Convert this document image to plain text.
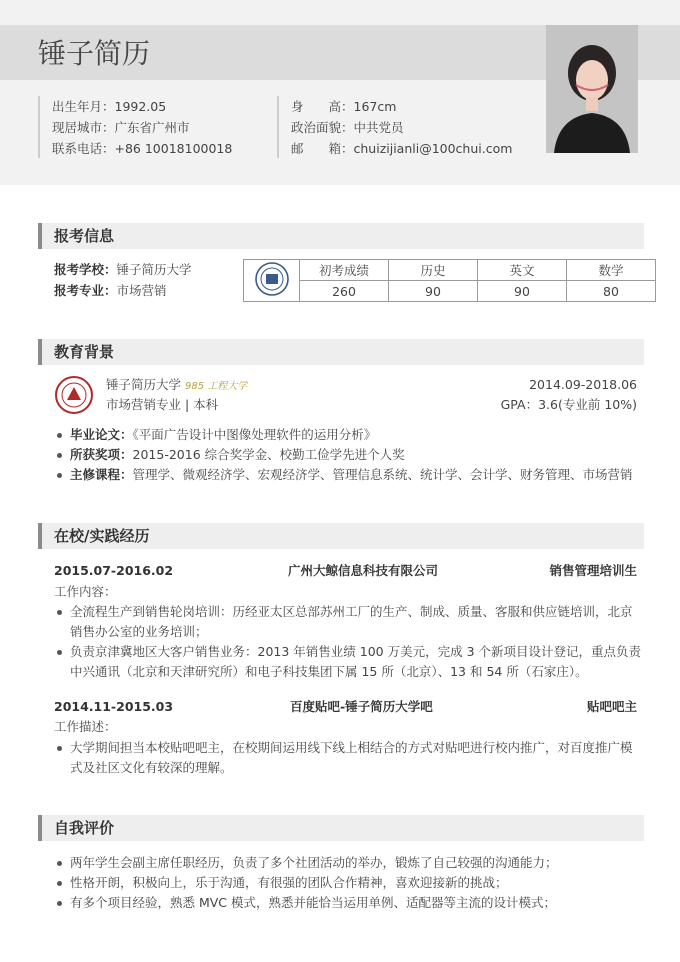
锤子简历
出生年月：1992.05
现居城市：广东省广州市
联系电话：+86 10018100018
身　　高：167cm
政治面貌：中共党员
邮　　箱：chuizijianli@100chui.com
报考信息
报考学校：锤子简历大学
报考专业：市场营销
	初考成绩	历史	英文	数学
	260	90	90	80
教育背景
锤子简历大学 985 工程大学
市场营销专业 | 本科
2014.09-2018.06
GPA：3.6(专业前 10%)
毕业论文：《平面广告设计中图像处理软件的运用分析》
所获奖项：2015-2016 综合奖学金、校勤工俭学先进个人奖
主修课程：管理学、微观经济学、宏观经济学、管理信息系统、统计学、会计学、财务管理、市场营销
在校/实践经历
2015.07-2016.02	广州大鲸信息科技有限公司	销售管理培训生
工作内容：
全流程生产到销售轮岗培训：历经亚太区总部苏州工厂的生产、制成、质量、客服和供应链培训，北京销售办公室的业务培训；
负责京津冀地区大客户销售业务：2013 年销售业绩 100 万美元，完成 3 个新项目设计登记，重点负责中兴通讯（北京和天津研究所）和电子科技集团下属 15 所（北京）、13 和 54 所（石家庄）。
2014.11-2015.03	百度贴吧-锤子简历大学吧	贴吧吧主
工作描述：
大学期间担当本校贴吧吧主，在校期间运用线下线上相结合的方式对贴吧进行校内推广，对百度推广模式及社区文化有较深的理解。
自我评价
两年学生会副主席任职经历，负责了多个社团活动的举办，锻炼了自己较强的沟通能力；
性格开朗，积极向上，乐于沟通，有很强的团队合作精神，喜欢迎接新的挑战；
有多个项目经验，熟悉 MVC 模式，熟悉并能恰当运用单例、适配器等主流的设计模式；
